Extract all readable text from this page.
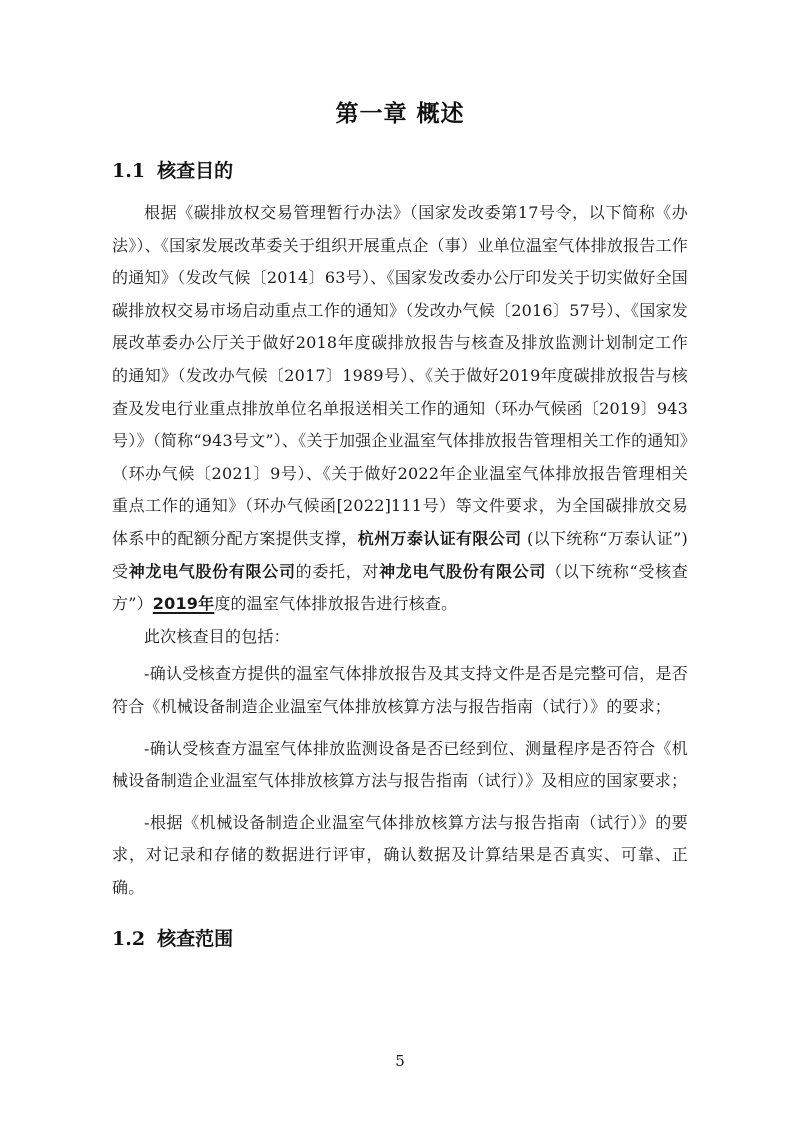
第一章 概述
1.1 核查目的

根据《碳排放权交易管理暂行办法》（国家发改委第17号令，以下简称《办法》）、《国家发展改革委关于组织开展重点企（事）业单位温室气体排放报告工作的通知》（发改气候〔2014〕63号）、《国家发改委办公厅印发关于切实做好全国碳排放权交易市场启动重点工作的通知》（发改办气候〔2016〕57号）、《国家发展改革委办公厅关于做好2018年度碳排放报告与核查及排放监测计划制定工作的通知》（发改办气候〔2017〕1989号）、《关于做好2019年度碳排放报告与核查及发电行业重点排放单位名单报送相关工作的通知（环办气候函〔2019〕943号）》（简称“943号文”）、《关于加强企业温室气体排放报告管理相关工作的通知》（环办气候〔2021〕9号）、《关于做好2022年企业温室气体排放报告管理相关重点工作的通知》（环办气候函[2022]111号）等文件要求，为全国碳排放交易体系中的配额分配方案提供支撑，杭州万泰认证有限公司 (以下统称“万泰认证”)受神龙电气股份有限公司的委托，对神龙电气股份有限公司（以下统称“受核查方”）2019年度的温室气体排放报告进行核查。

此次核查目的包括：

-确认受核查方提供的温室气体排放报告及其支持文件是否是完整可信，是否符合《机械设备制造企业温室气体排放核算方法与报告指南（试行）》的要求；

-确认受核查方温室气体排放监测设备是否已经到位、测量程序是否符合《机械设备制造企业温室气体排放核算方法与报告指南（试行）》及相应的国家要求；

-根据《机械设备制造企业温室气体排放核算方法与报告指南（试行）》的要求，对记录和存储的数据进行评审，确认数据及计算结果是否真实、可靠、正确。

1.2 核查范围
5
